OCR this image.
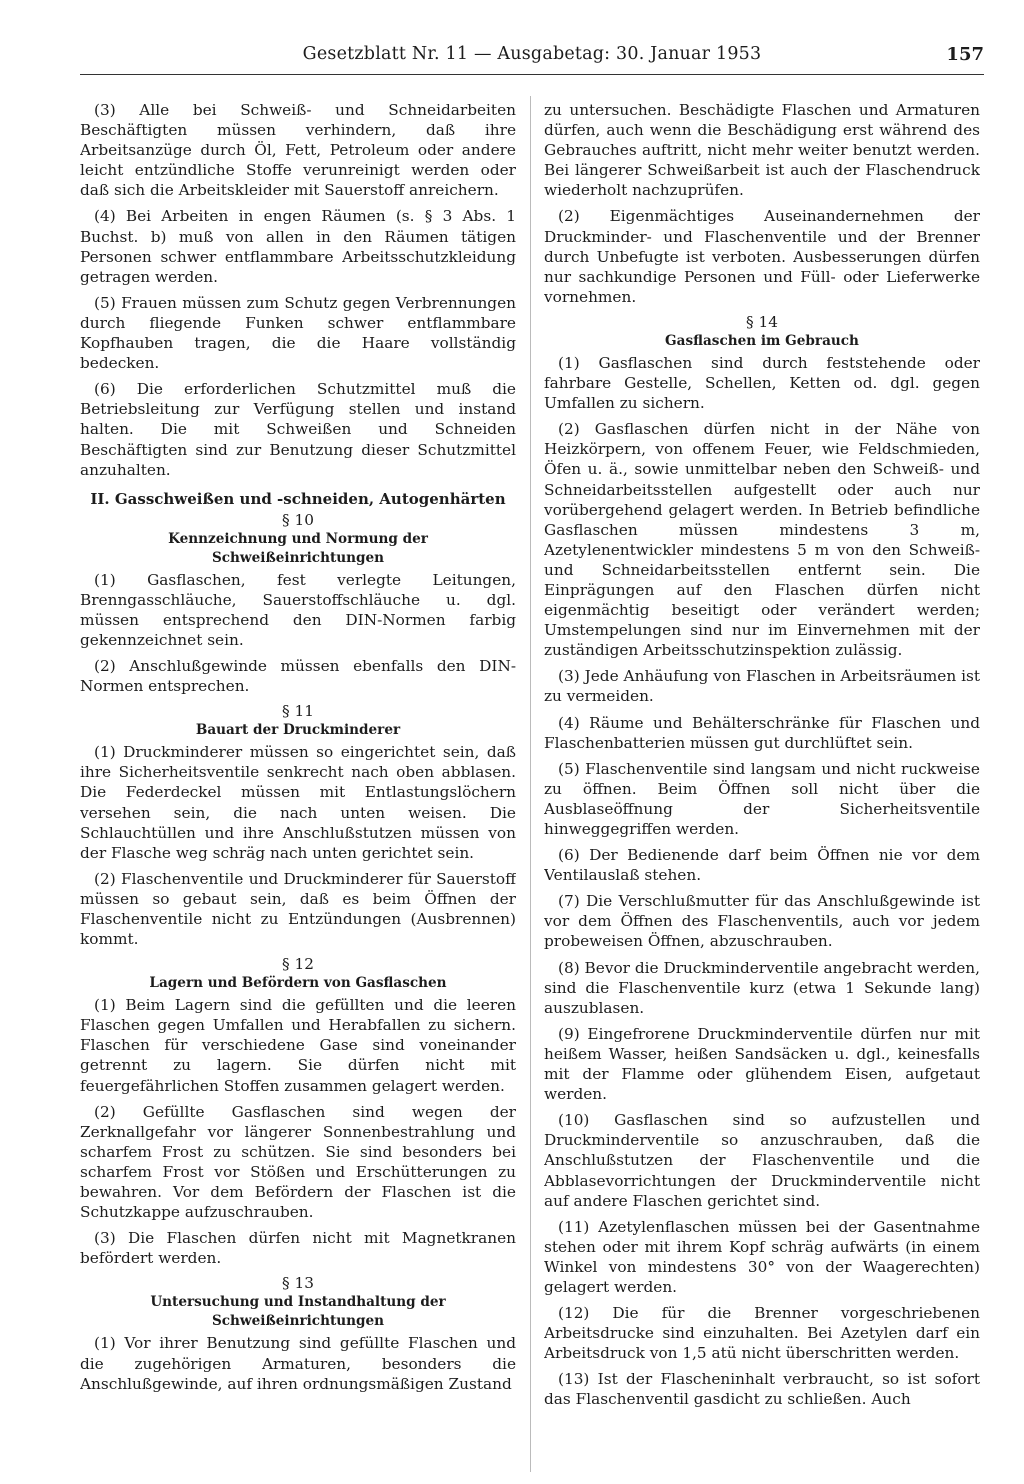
Gesetzblatt Nr. 11 — Ausgabetag: 30. Januar 1953	157

(3) Alle bei Schweiß- und Schneidarbeiten Beschäftigten müssen verhindern, daß ihre Arbeitsanzüge durch Öl, Fett, Petroleum oder andere leicht entzündliche Stoffe verunreinigt werden oder daß sich die Arbeitskleider mit Sauerstoff anreichern.

(4) Bei Arbeiten in engen Räumen (s. § 3 Abs. 1 Buchst. b) muß von allen in den Räumen tätigen Personen schwer entflammbare Arbeitsschutzkleidung getragen werden.

(5) Frauen müssen zum Schutz gegen Verbrennungen durch fliegende Funken schwer entflammbare Kopfhauben tragen, die die Haare vollständig bedecken.

(6) Die erforderlichen Schutzmittel muß die Betriebsleitung zur Verfügung stellen und instand halten. Die mit Schweißen und Schneiden Beschäftigten sind zur Benutzung dieser Schutzmittel anzuhalten.

II. Gasschweißen und -schneiden, Autogenhärten
§ 10
Kennzeichnung und Normung der Schweißeinrichtungen

(1) Gasflaschen, fest verlegte Leitungen, Brenngasschläuche, Sauerstoffschläuche u. dgl. müssen entsprechend den DIN-Normen farbig gekennzeichnet sein.

(2) Anschlußgewinde müssen ebenfalls den DIN-Normen entsprechen.

§ 11
Bauart der Druckminderer

(1) Druckminderer müssen so eingerichtet sein, daß ihre Sicherheitsventile senkrecht nach oben abblasen. Die Federdeckel müssen mit Entlastungslöchern versehen sein, die nach unten weisen. Die Schlauchtüllen und ihre Anschlußstutzen müssen von der Flasche weg schräg nach unten gerichtet sein.

(2) Flaschenventile und Druckminderer für Sauerstoff müssen so gebaut sein, daß es beim Öffnen der Flaschenventile nicht zu Entzündungen (Ausbrennen) kommt.

§ 12
Lagern und Befördern von Gasflaschen

(1) Beim Lagern sind die gefüllten und die leeren Flaschen gegen Umfallen und Herabfallen zu sichern. Flaschen für verschiedene Gase sind voneinander getrennt zu lagern. Sie dürfen nicht mit feuergefährlichen Stoffen zusammen gelagert werden.

(2) Gefüllte Gasflaschen sind wegen der Zerknallgefahr vor längerer Sonnenbestrahlung und scharfem Frost zu schützen. Sie sind besonders bei scharfem Frost vor Stößen und Erschütterungen zu bewahren. Vor dem Befördern der Flaschen ist die Schutzkappe aufzuschrauben.

(3) Die Flaschen dürfen nicht mit Magnetkranen befördert werden.

§ 13
Untersuchung und Instandhaltung der Schweißeinrichtungen

(1) Vor ihrer Benutzung sind gefüllte Flaschen und die zugehörigen Armaturen, besonders die Anschlußgewinde, auf ihren ordnungsmäßigen Zustand

zu untersuchen. Beschädigte Flaschen und Armaturen dürfen, auch wenn die Beschädigung erst während des Gebrauches auftritt, nicht mehr weiter benutzt werden. Bei längerer Schweißarbeit ist auch der Flaschendruck wiederholt nachzuprüfen.

(2) Eigenmächtiges Auseinandernehmen der Druckminder- und Flaschenventile und der Brenner durch Unbefugte ist verboten. Ausbesserungen dürfen nur sachkundige Personen und Füll- oder Lieferwerke vornehmen.

§ 14
Gasflaschen im Gebrauch

(1) Gasflaschen sind durch feststehende oder fahrbare Gestelle, Schellen, Ketten od. dgl. gegen Umfallen zu sichern.

(2) Gasflaschen dürfen nicht in der Nähe von Heizkörpern, von offenem Feuer, wie Feldschmieden, Öfen u. ä., sowie unmittelbar neben den Schweiß- und Schneidarbeitsstellen aufgestellt oder auch nur vorübergehend gelagert werden. In Betrieb befindliche Gasflaschen müssen mindestens 3 m, Azetylenentwickler mindestens 5 m von den Schweiß- und Schneidarbeitsstellen entfernt sein. Die Einprägungen auf den Flaschen dürfen nicht eigenmächtig beseitigt oder verändert werden; Umstempelungen sind nur im Einvernehmen mit der zuständigen Arbeitsschutzinspektion zulässig.

(3) Jede Anhäufung von Flaschen in Arbeitsräumen ist zu vermeiden.

(4) Räume und Behälterschränke für Flaschen und Flaschenbatterien müssen gut durchlüftet sein.

(5) Flaschenventile sind langsam und nicht ruckweise zu öffnen. Beim Öffnen soll nicht über die Ausblaseöffnung der Sicherheitsventile hinweggegriffen werden.

(6) Der Bedienende darf beim Öffnen nie vor dem Ventilauslaß stehen.

(7) Die Verschlußmutter für das Anschlußgewinde ist vor dem Öffnen des Flaschenventils, auch vor jedem probeweisen Öffnen, abzuschrauben.

(8) Bevor die Druckminderventile angebracht werden, sind die Flaschenventile kurz (etwa 1 Sekunde lang) auszublasen.

(9) Eingefrorene Druckminderventile dürfen nur mit heißem Wasser, heißen Sandsäcken u. dgl., keinesfalls mit der Flamme oder glühendem Eisen, aufgetaut werden.

(10) Gasflaschen sind so aufzustellen und Druckminderventile so anzuschrauben, daß die Anschlußstutzen der Flaschenventile und die Abblasevorrichtungen der Druckminderventile nicht auf andere Flaschen gerichtet sind.

(11) Azetylenflaschen müssen bei der Gasentnahme stehen oder mit ihrem Kopf schräg aufwärts (in einem Winkel von mindestens 30° von der Waagerechten) gelagert werden.

(12) Die für die Brenner vorgeschriebenen Arbeitsdrucke sind einzuhalten. Bei Azetylen darf ein Arbeitsdruck von 1,5 atü nicht überschritten werden.

(13) Ist der Flascheninhalt verbraucht, so ist sofort das Flaschenventil gasdicht zu schließen. Auch
